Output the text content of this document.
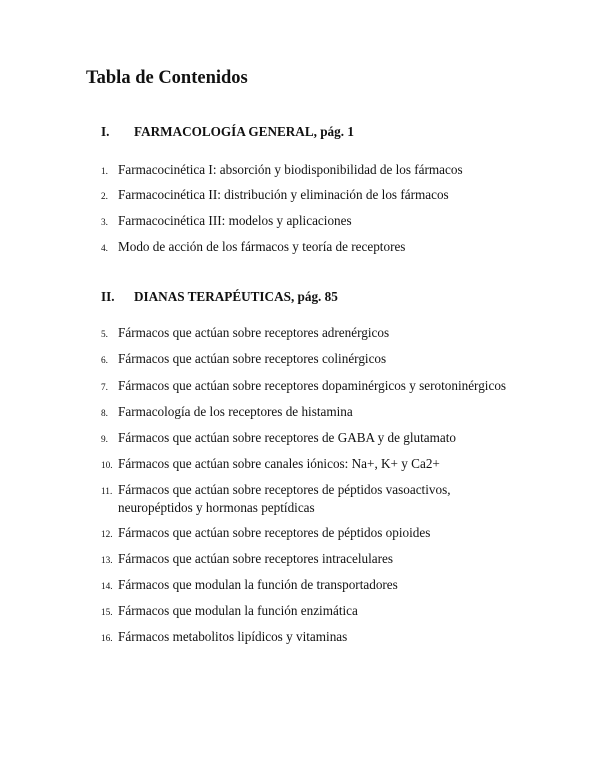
Tabla de Contenidos
I. FARMACOLOGÍA GENERAL, pág. 1
1. Farmacocinética I: absorción y biodisponibilidad de los fármacos
2. Farmacocinética II: distribución y eliminación de los fármacos
3. Farmacocinética III: modelos y aplicaciones
4. Modo de acción de los fármacos y teoría de receptores
II. DIANAS TERAPÉUTICAS, pág. 85
5. Fármacos que actúan sobre receptores adrenérgicos
6. Fármacos que actúan sobre receptores colinérgicos
7. Fármacos que actúan sobre receptores dopaminérgicos y serotoninérgicos
8. Farmacología de los receptores de histamina
9. Fármacos que actúan sobre receptores de GABA y de glutamato
10. Fármacos que actúan sobre canales iónicos: Na+, K+ y Ca2+
11. Fármacos que actúan sobre receptores de péptidos vasoactivos, neuropéptidos y hormonas peptídicas
12. Fármacos que actúan sobre receptores de péptidos opioides
13. Fármacos que actúan sobre receptores intracelulares
14. Fármacos que modulan la función de transportadores
15. Fármacos que modulan la función enzimática
16. Fármacos metabolitos lipídicos y vitaminas
